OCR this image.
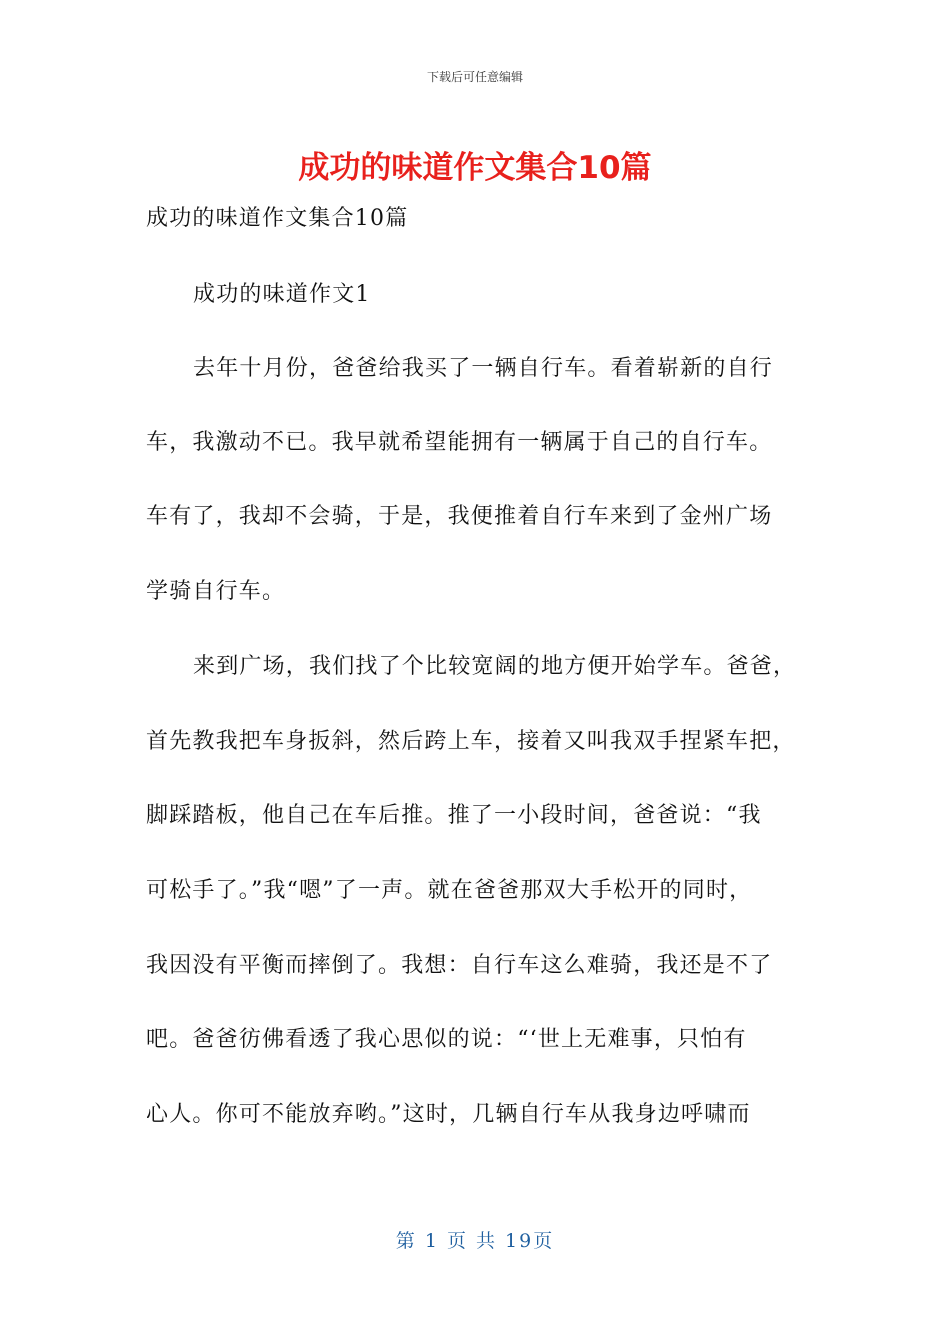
下载后可任意编辑
成功的味道作文集合10篇
成功的味道作文集合10篇
成功的味道作文1
去年十月份，爸爸给我买了一辆自行车。看着崭新的自行
车，我激动不已。我早就希望能拥有一辆属于自己的自行车。
车有了，我却不会骑，于是，我便推着自行车来到了金州广场
学骑自行车。
来到广场，我们找了个比较宽阔的地方便开始学车。爸爸，
首先教我把车身扳斜，然后跨上车，接着又叫我双手捏紧车把，
脚踩踏板，他自己在车后推。推了一小段时间，爸爸说：“我
可松手了。”我“嗯”了一声。就在爸爸那双大手松开的同时，
我因没有平衡而摔倒了。我想：自行车这么难骑，我还是不了
吧。爸爸彷佛看透了我心思似的说：“‘世上无难事，只怕有
心人。你可不能放弃哟。”这时，几辆自行车从我身边呼啸而
第 1 页 共 19页
